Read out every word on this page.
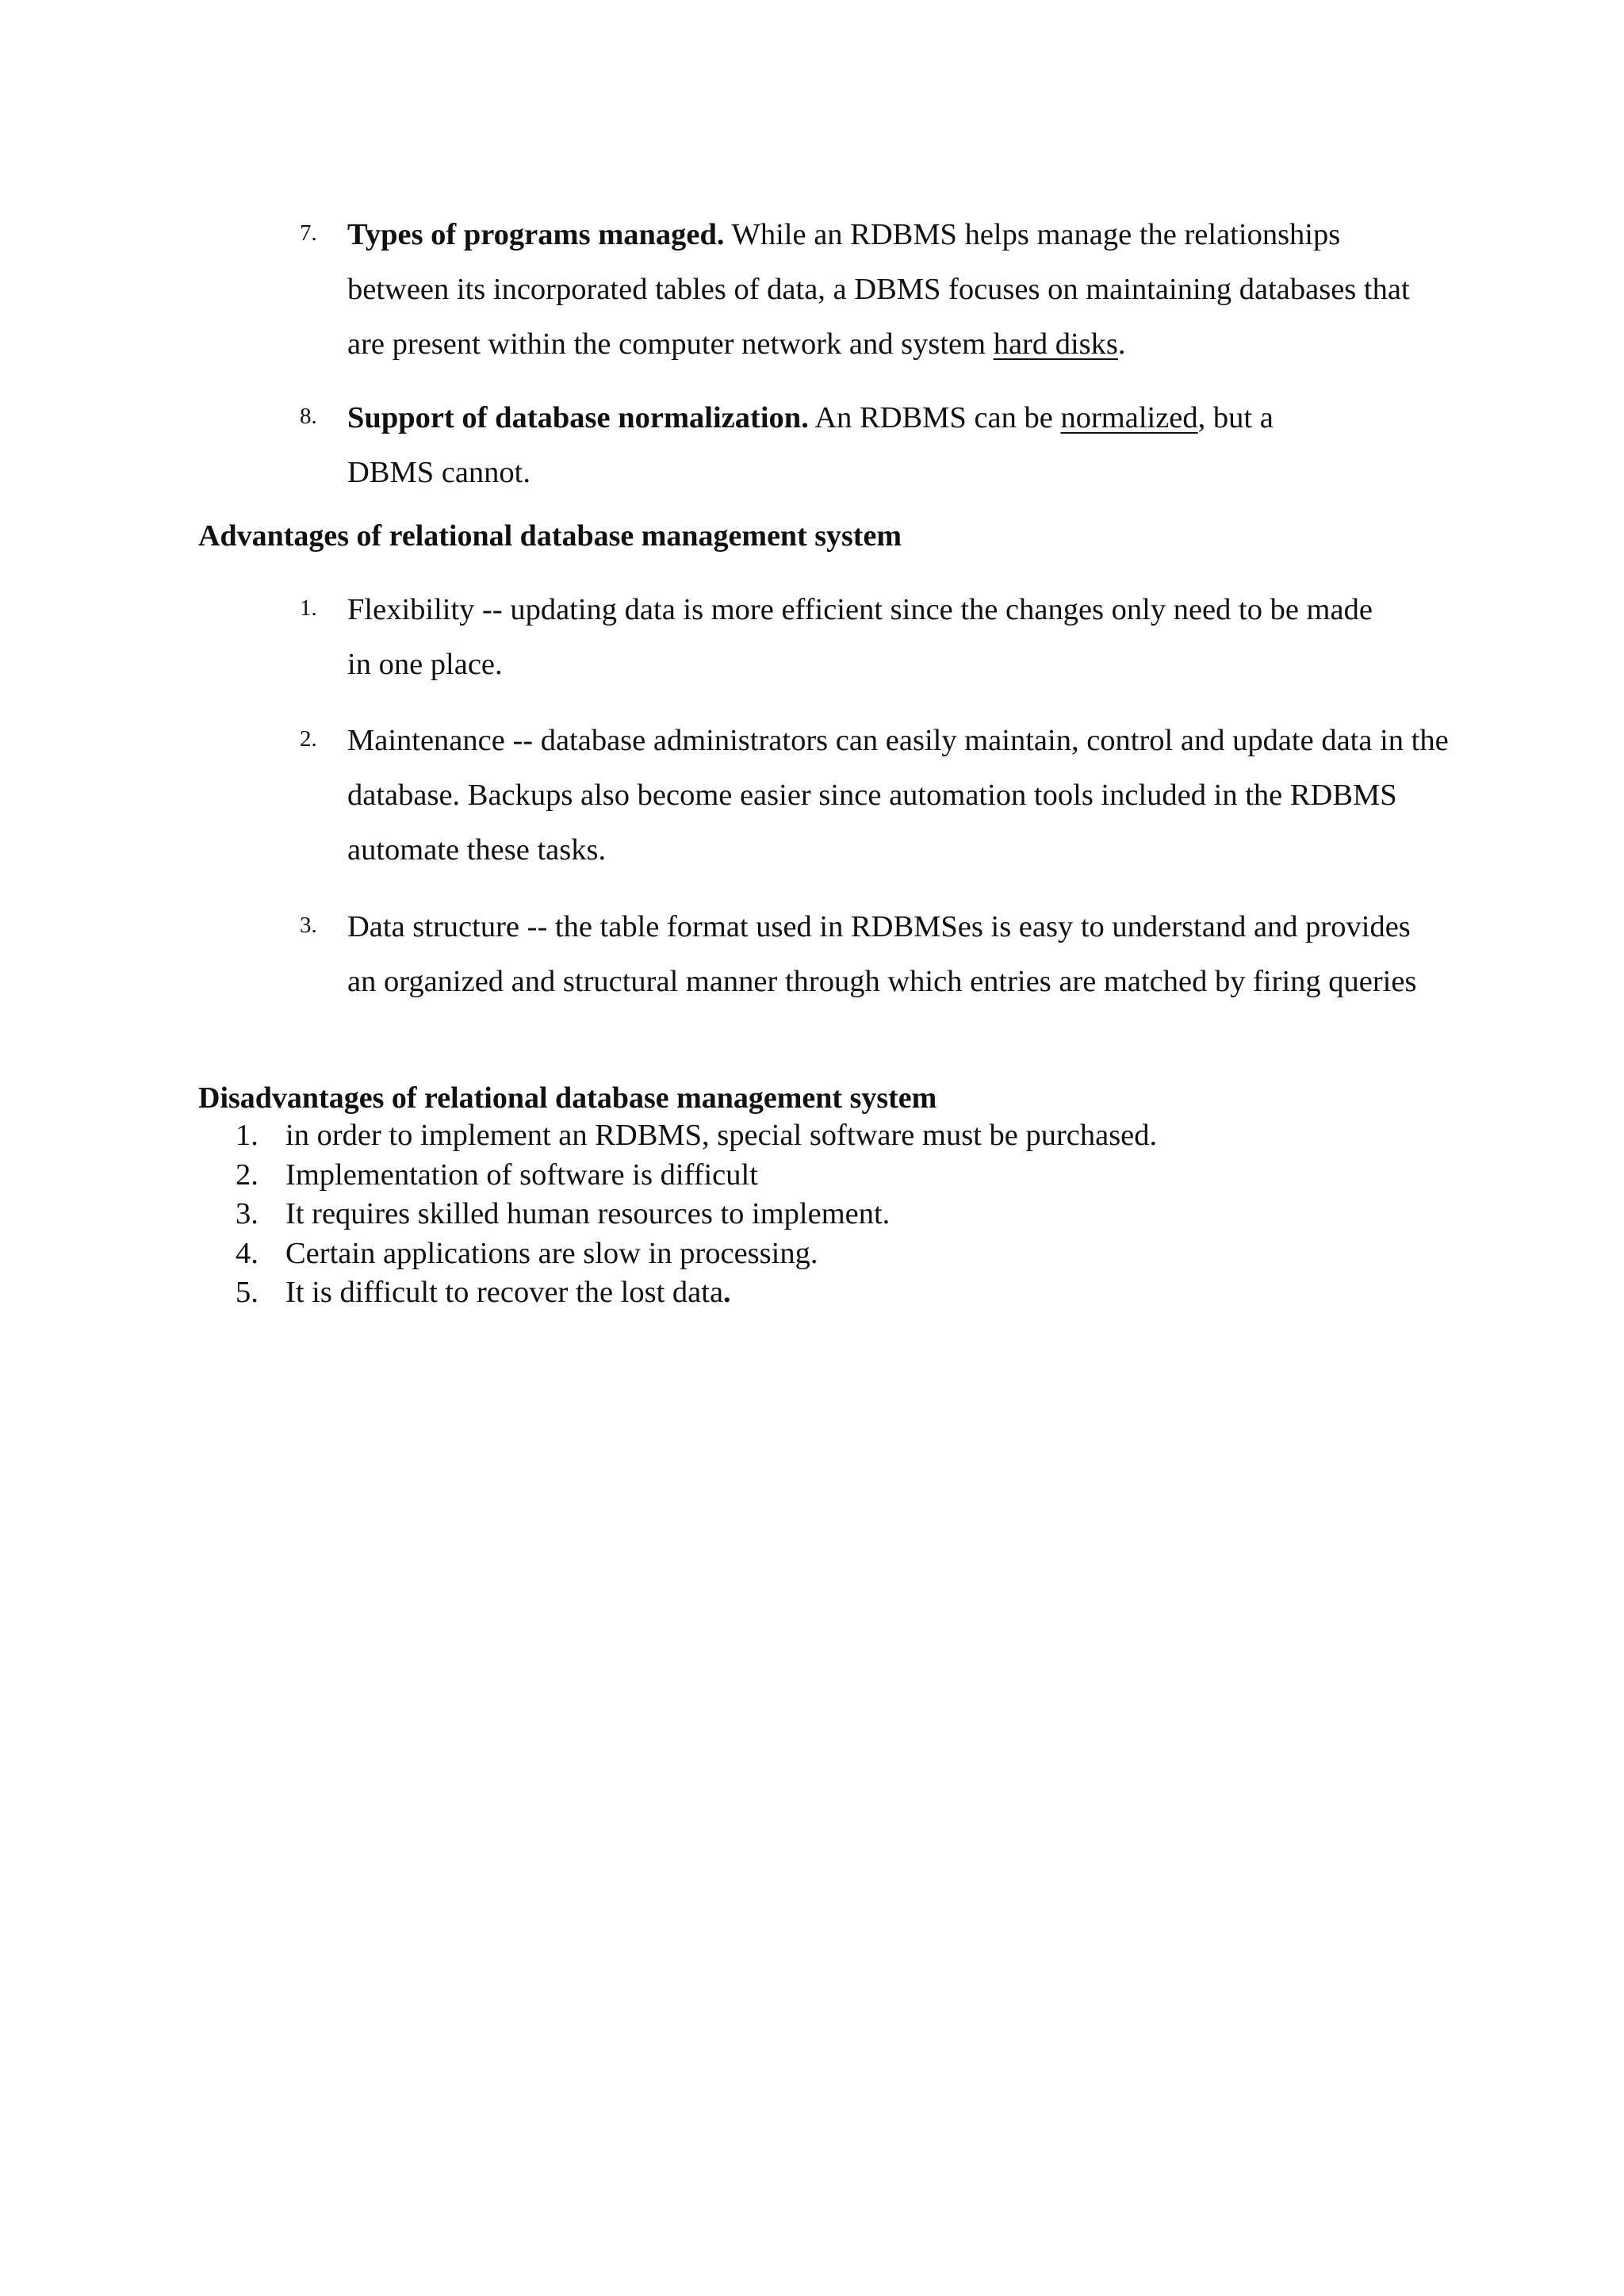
7. Types of programs managed. While an RDBMS helps manage the relationships between its incorporated tables of data, a DBMS focuses on maintaining databases that are present within the computer network and system hard disks.

8. Support of database normalization. An RDBMS can be normalized, but a DBMS cannot.

Advantages of relational database management system
1. Flexibility -- updating data is more efficient since the changes only need to be made in one place.

2. Maintenance -- database administrators can easily maintain, control and update data in the database. Backups also become easier since automation tools included in the RDBMS automate these tasks.

3. Data structure -- the table format used in RDBMSes is easy to understand and provides an organized and structural manner through which entries are matched by firing queries

Disadvantages of relational database management system
1. in order to implement an RDBMS, special software must be purchased.
2. Implementation of software is difficult
3. It requires skilled human resources to implement.
4. Certain applications are slow in processing.
5. It is difficult to recover the lost data.
